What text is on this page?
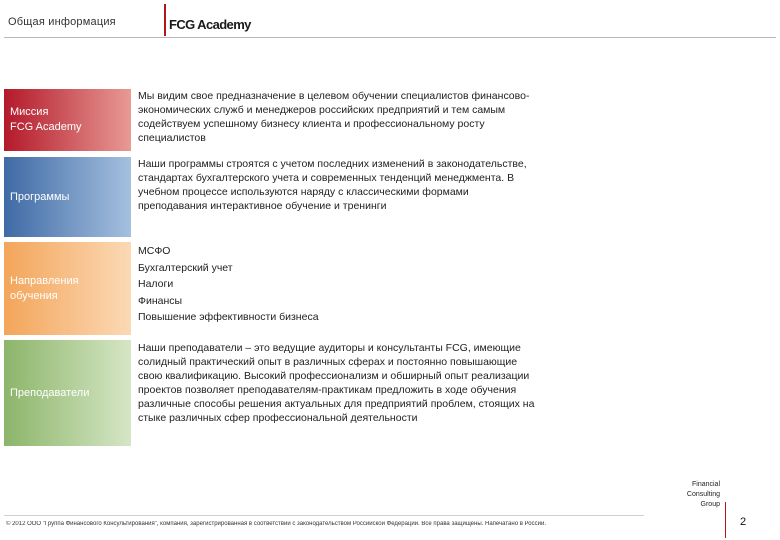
Общая информация	FCG Academy
Миссия
FCG Academy
Мы видим свое предназначение в целевом обучении специалистов финансово-экономических служб и менеджеров российских предприятий и тем самым содействуем успешному бизнесу клиента и профессиональному росту специалистов
Программы
Наши программы строятся с учетом последних изменений в законодательстве, стандартах бухгалтерского учета и современных тенденций менеджмента. В учебном процессе используются наряду с классическими формами преподавания интерактивное обучение и тренинги
Направления
обучения
МСФО
Бухгалтерский учет
Налоги
Финансы
Повышение эффективности бизнеса
Преподаватели
Наши преподаватели – это ведущие аудиторы и консультанты FCG, имеющие солидный практический опыт в различных сферах и постоянно повышающие свою квалификацию. Высокий профессионализм и обширный опыт реализации проектов позволяет преподавателям-практикам предложить в ходе обучения различные способы решения актуальных для предприятий проблем, стоящих на стыке различных сфер профессиональной деятельности
© 2012 ООО "Группа Финансового Консультирования", компания, зарегистрированная в соответствии с законодательством Российской Федерации. Все права защищены. Напечатано в России.
Financial
Consulting
Group
2
